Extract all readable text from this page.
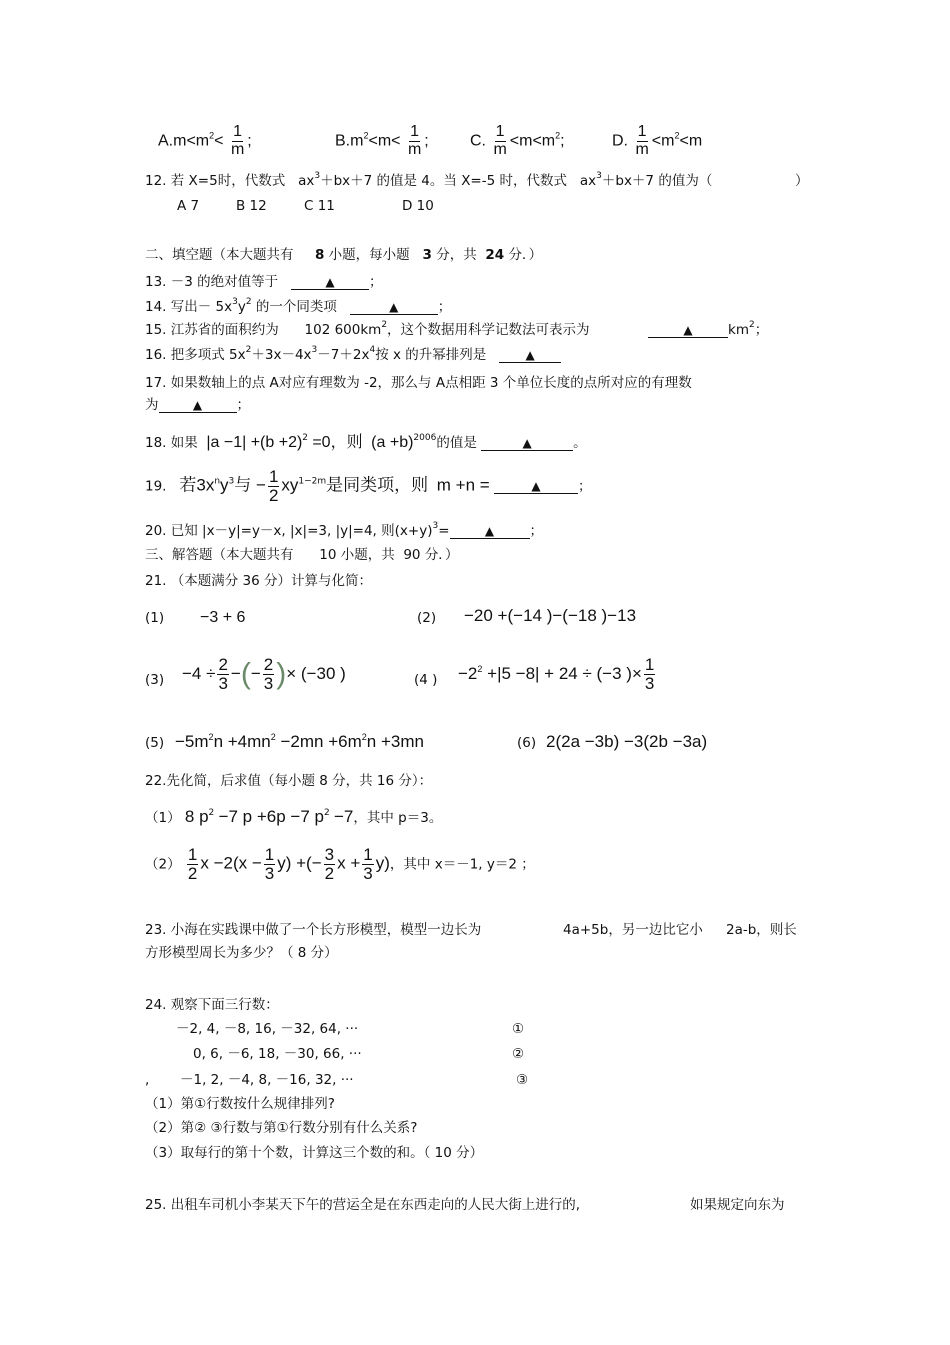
$A.m<m^2< \frac{1}{m}$ ;	$B.m^2<m< \frac{1}{m}$ ;	C. $\frac{1}{m} <m<m^2$;	D. $\frac{1}{m} <m^2<m$
12. 若 X=5时，代数式 $ax^3+bx+7$ 的值是 4。当 X=-5 时，代数式 $ax^3+bx+7$ 的值为（	）
A 7	B 12	C 11	D 10
二、填空题（本大题共有 8 小题，每小题 3 分，共 24 分．）
13. －3 的绝对值等于   ▲	；
14. 写出－ $5x^3y^2$ 的一个同类项   ▲	；
15. 江苏省的面积约为 102 $600km^2$，这个数据用科学记数法可表示为
▲	$km^2$；
16. 把多项式 $5x^2+3x-4x^3-7+2x^4$按 x 的升幂排列是   ▲
17. 如果数轴上的点 A对应有理数为 -2，那么与 A点相距 3 个单位长度的点所对应的有理数
为▲	；
18. 如果 $|a -1| +(b +2)^2 =0$，则 $(a +b)^{2006}$的值是 ▲	。
19. 若$3x^ny^3$与 − $\frac{1}{2} xy^{1-2m}$是同类项，则 m +n = ▲	；
20. 已知 |x－y|=y－x, |x|=3, |y|=4, 则$(x+y)^3=▲$	；
三、解答题（本大题共有 10 小题，共 90 分．）
21. （本题满分 36 分）计算与化简：
(1) −3 + 6	(2) −20 +(−14 )−(−18 )−13
$(3) -4 \div \frac{2}{3}$ −(− $\frac{2}{3}$ )× (−30 )	(4 ) $-2^2 +|5 -8| + 24 \div (-3$ )× $\frac{1}{3}$
$(5) -5m^2n +4mn^2 -2mn +6m^2n +3mn$	(6) 2(2a −3b) −3(2b −3a)
22.先化简，后求值（每小题 8 分，共 16 分）：
（1） 8 $p^2 -7$ p +6p −7 $p^2 -7$，其中 p＝3。
$(2) \frac{1}{2}$ $x -2(x - \frac{1}{3} y)$ +(− $\frac{3}{2}$ $x + \frac{1}{3} y$)，其中 x＝－1, y＝2 ；
23. 小海在实践课中做了一个长方形模型，模型一边长为	4a+5b，另一边比它小 2a-b，则长
方形模型周长为多少？（ 8 分）
24. 观察下面三行数：
－2, 4, －8, 16, －32, 64, ···	①
0, 6, －6, 18, －30, 66, ···	②
, －1, 2, －4, 8, －16, 32, ···	③
（1）第①行数按什么规律排列?
（2）第② ③行数与第①行数分别有什么关系?
（3）取每行的第十个数，计算这三个数的和。（ 10 分）
25. 出租车司机小李某天下午的营运全是在东西走向的人民大街上进行的,	如果规定向东为
